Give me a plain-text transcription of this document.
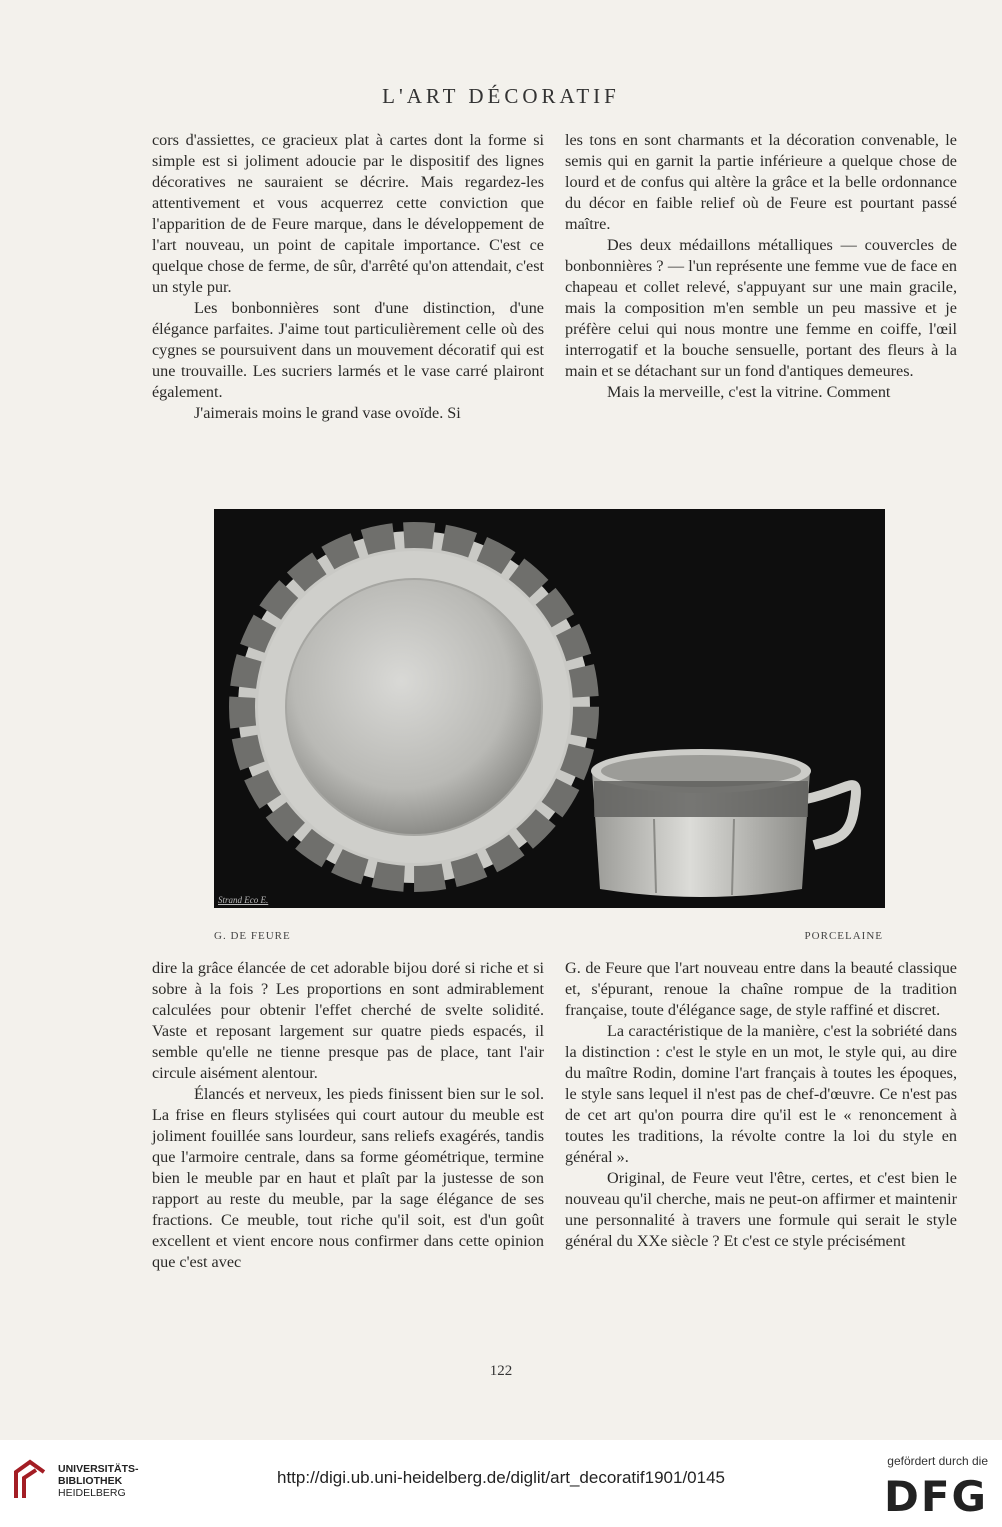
L'ART DÉCORATIF

cors d'assiettes, ce gracieux plat à cartes dont la forme si simple est si joliment adoucie par le dispositif des lignes décoratives ne sauraient se décrire. Mais regardez-les attentivement et vous acquerrez cette conviction que l'apparition de de Feure marque, dans le développement de l'art nouveau, un point de capitale importance. C'est ce quelque chose de ferme, de sûr, d'arrêté qu'on attendait, c'est un style pur.

Les bonbonnières sont d'une distinction, d'une élégance parfaites. J'aime tout particulièrement celle où des cygnes se poursuivent dans un mouvement décoratif qui est une trouvaille. Les sucriers larmés et le vase carré plairont également.

J'aimerais moins le grand vase ovoïde. Si

les tons en sont charmants et la décoration convenable, le semis qui en garnit la partie inférieure a quelque chose de lourd et de confus qui altère la grâce et la belle ordonnance du décor en faible relief où de Feure est pourtant passé maître.

Des deux médaillons métalliques — couvercles de bonbonnières ? — l'un représente une femme vue de face en chapeau et collet relevé, s'appuyant sur une main gracile, mais la composition m'en semble un peu massive et je préfère celui qui nous montre une femme en coiffe, l'œil interrogatif et la bouche sensuelle, portant des fleurs à la main et se détachant sur un fond d'antiques demeures.

Mais la merveille, c'est la vitrine. Comment

Strand Eco E.
G. DE FEURE	PORCELAINE

dire la grâce élancée de cet adorable bijou doré si riche et si sobre à la fois ? Les proportions en sont admirablement calculées pour obtenir l'effet cherché de svelte solidité. Vaste et reposant largement sur quatre pieds espacés, il semble qu'elle ne tienne presque pas de place, tant l'air circule aisément alentour.

Élancés et nerveux, les pieds finissent bien sur le sol. La frise en fleurs stylisées qui court autour du meuble est joliment fouillée sans lourdeur, sans reliefs exagérés, tandis que l'armoire centrale, dans sa forme géométrique, termine bien le meuble par en haut et plaît par la justesse de son rapport au reste du meuble, par la sage élégance de ses fractions. Ce meuble, tout riche qu'il soit, est d'un goût excellent et vient encore nous confirmer dans cette opinion que c'est avec

G. de Feure que l'art nouveau entre dans la beauté classique et, s'épurant, renoue la chaîne rompue de la tradition française, toute d'élégance sage, de style raffiné et discret.

La caractéristique de la manière, c'est la sobriété dans la distinction : c'est le style en un mot, le style qui, au dire du maître Rodin, domine l'art français à toutes les époques, le style sans lequel il n'est pas de chef-d'œuvre. Ce n'est pas de cet art qu'on pourra dire qu'il est le « renoncement à toutes les traditions, la révolte contre la loi du style en général ».

Original, de Feure veut l'être, certes, et c'est bien le nouveau qu'il cherche, mais ne peut-on affirmer et maintenir une personnalité à travers une formule qui serait le style général du XXe siècle ? Et c'est ce style précisément

122
UNIVERSITÄTS-
BIBLIOTHEK
HEIDELBERG
http://digi.ub.uni-heidelberg.de/diglit/art_decoratif1901/0145
gefördert durch die
DFG
